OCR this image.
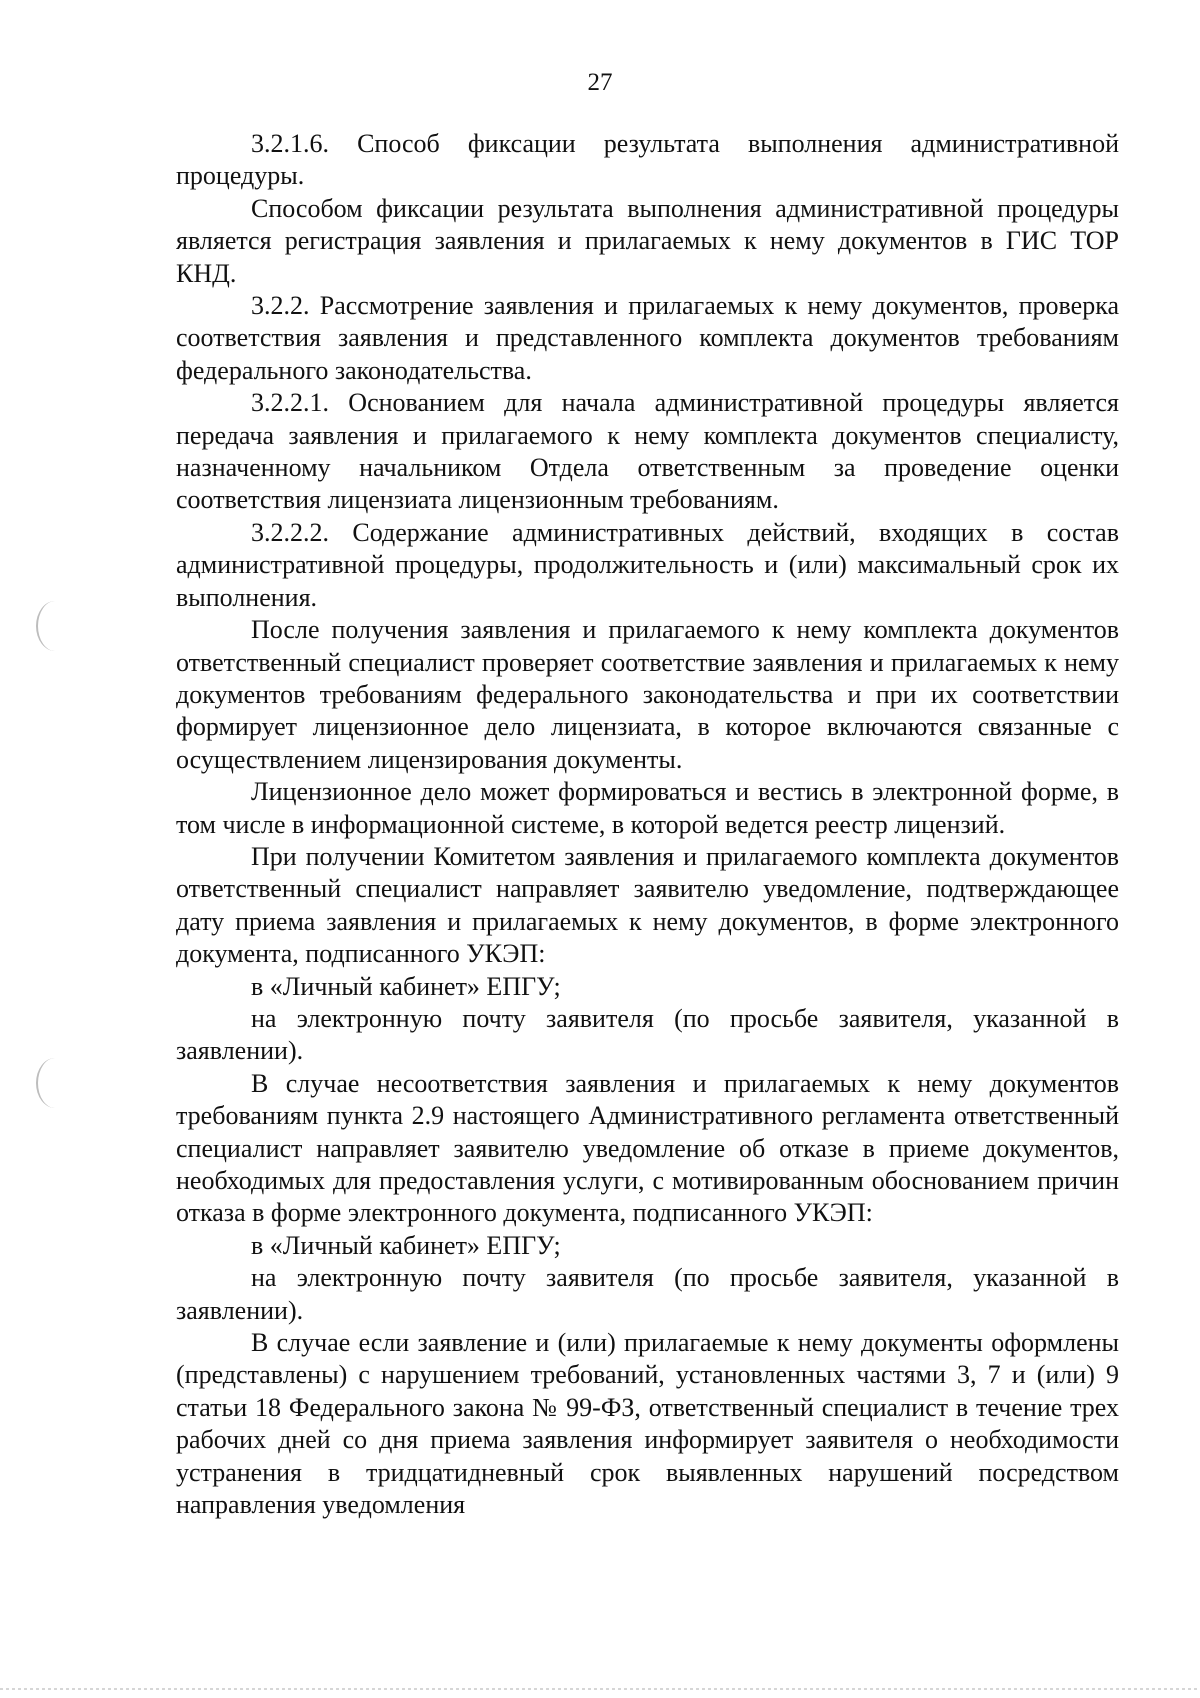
27

3.2.1.6. Способ фиксации результата выполнения административной процедуры.

Способом фиксации результата выполнения административной процедуры является регистрация заявления и прилагаемых к нему документов в ГИС ТОР КНД.

3.2.2. Рассмотрение заявления и прилагаемых к нему документов, проверка соответствия заявления и представленного комплекта документов требованиям федерального законодательства.

3.2.2.1. Основанием для начала административной процедуры является передача заявления и прилагаемого к нему комплекта документов специалисту, назначенному начальником Отдела ответственным за проведение оценки соответствия лицензиата лицензионным требованиям.

3.2.2.2. Содержание административных действий, входящих в состав административной процедуры, продолжительность и (или) максимальный срок их выполнения.

После получения заявления и прилагаемого к нему комплекта документов ответственный специалист проверяет соответствие заявления и прилагаемых к нему документов требованиям федерального законодательства и при их соответствии формирует лицензионное дело лицензиата, в которое включаются связанные с осуществлением лицензирования документы.

Лицензионное дело может формироваться и вестись в электронной форме, в том числе в информационной системе, в которой ведется реестр лицензий.

При получении Комитетом заявления и прилагаемого комплекта документов ответственный специалист направляет заявителю уведомление, подтверждающее дату приема заявления и прилагаемых к нему документов, в форме электронного документа, подписанного УКЭП:

в «Личный кабинет» ЕПГУ;

на электронную почту заявителя (по просьбе заявителя, указанной в заявлении).

В случае несоответствия заявления и прилагаемых к нему документов требованиям пункта 2.9 настоящего Административного регламента ответственный специалист направляет заявителю уведомление об отказе в приеме документов, необходимых для предоставления услуги, с мотивированным обоснованием причин отказа в форме электронного документа, подписанного УКЭП:

в «Личный кабинет» ЕПГУ;

на электронную почту заявителя (по просьбе заявителя, указанной в заявлении).

В случае если заявление и (или) прилагаемые к нему документы оформлены (представлены) с нарушением требований, установленных частями 3, 7 и (или) 9 статьи 18 Федерального закона № 99-ФЗ, ответственный специалист в течение трех рабочих дней со дня приема заявления информирует заявителя о необходимости устранения в тридцатидневный срок выявленных нарушений посредством направления уведомления
